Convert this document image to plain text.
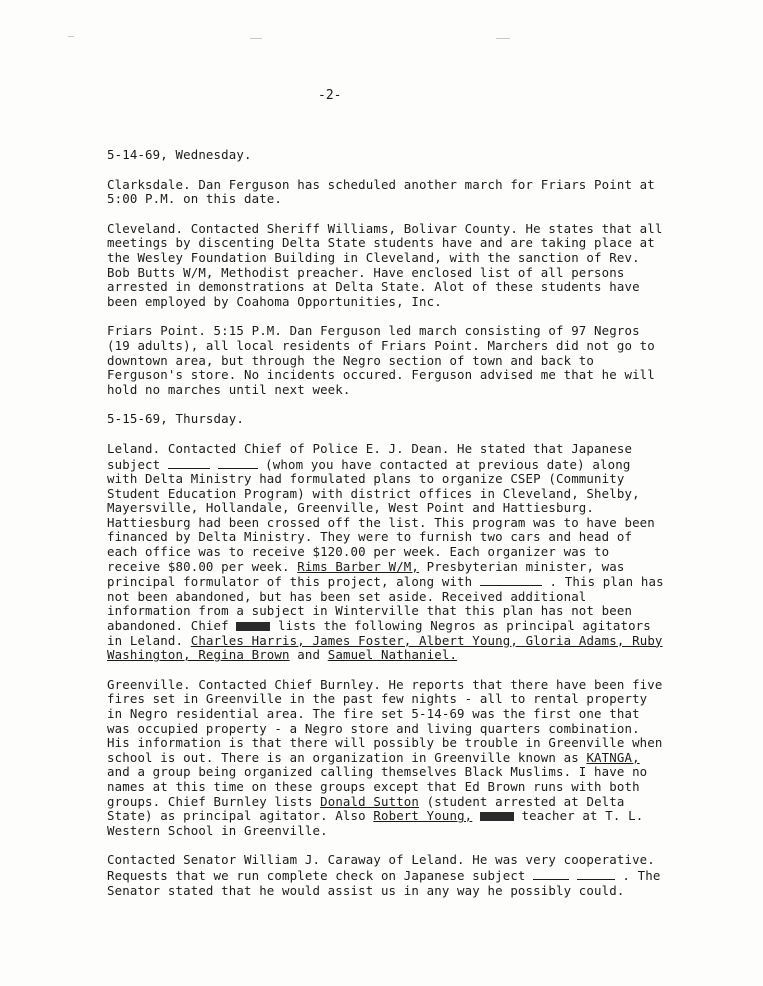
-2-

5-14-69, Wednesday.

Clarksdale. Dan Ferguson has scheduled another march for Friars Point at 5:00 P.M. on this date.

Cleveland. Contacted Sheriff Williams, Bolivar County. He states that all meetings by discenting Delta State students have and are taking place at the Wesley Foundation Building in Cleveland, with the sanction of Rev. Bob Butts W/M, Methodist preacher. Have enclosed list of all persons arrested in demonstrations at Delta State. Alot of these students have been employed by Coahoma Opportunities, Inc.

Friars Point. 5:15 P.M. Dan Ferguson led march consisting of 97 Negros (19 adults), all local residents of Friars Point. Marchers did not go to downtown area, but through the Negro section of town and back to Ferguson's store. No incidents occured. Ferguson advised me that he will hold no marches until next week.

5-15-69, Thursday.

Leland. Contacted Chief of Police E. J. Dean. He stated that Japanese subject	(whom you have contacted at previous date) along with Delta Ministry had formulated plans to organize CSEP (Community Student Education Program) with district offices in Cleveland, Shelby, Mayersville, Hollandale, Greenville, West Point and Hattiesburg. Hattiesburg had been crossed off the list. This program was to have been financed by Delta Ministry. They were to furnish two cars and head of each office was to receive $120.00 per week. Each organizer was to receive $80.00 per week. Rims Barber W/M, Presbyterian minister, was principal formulator of this project, along with	. This plan has not been abandoned, but has been set aside. Received additional information from a subject in Winterville that this plan has not been abandoned. Chief	lists the following Negros as principal agitators in Leland. Charles Harris, James Foster, Albert Young, Gloria Adams, Ruby Washington, Regina Brown and Samuel Nathaniel.

Greenville. Contacted Chief Burnley. He reports that there have been five fires set in Greenville in the past few nights - all to rental property in Negro residential area. The fire set 5-14-69 was the first one that was occupied property - a Negro store and living quarters combination. His information is that there will possibly be trouble in Greenville when school is out. There is an organization in Greenville known as KATNGA, and a group being organized calling themselves Black Muslims. I have no names at this time on these groups except that Ed Brown runs with both groups. Chief Burnley lists Donald Sutton (student arrested at Delta State) as principal agitator. Also Robert Young,	teacher at T. L. Western School in Greenville.

Contacted Senator William J. Caraway of Leland. He was very cooperative. Requests that we run complete check on Japanese subject	. The Senator stated that he would assist us in any way he possibly could.
